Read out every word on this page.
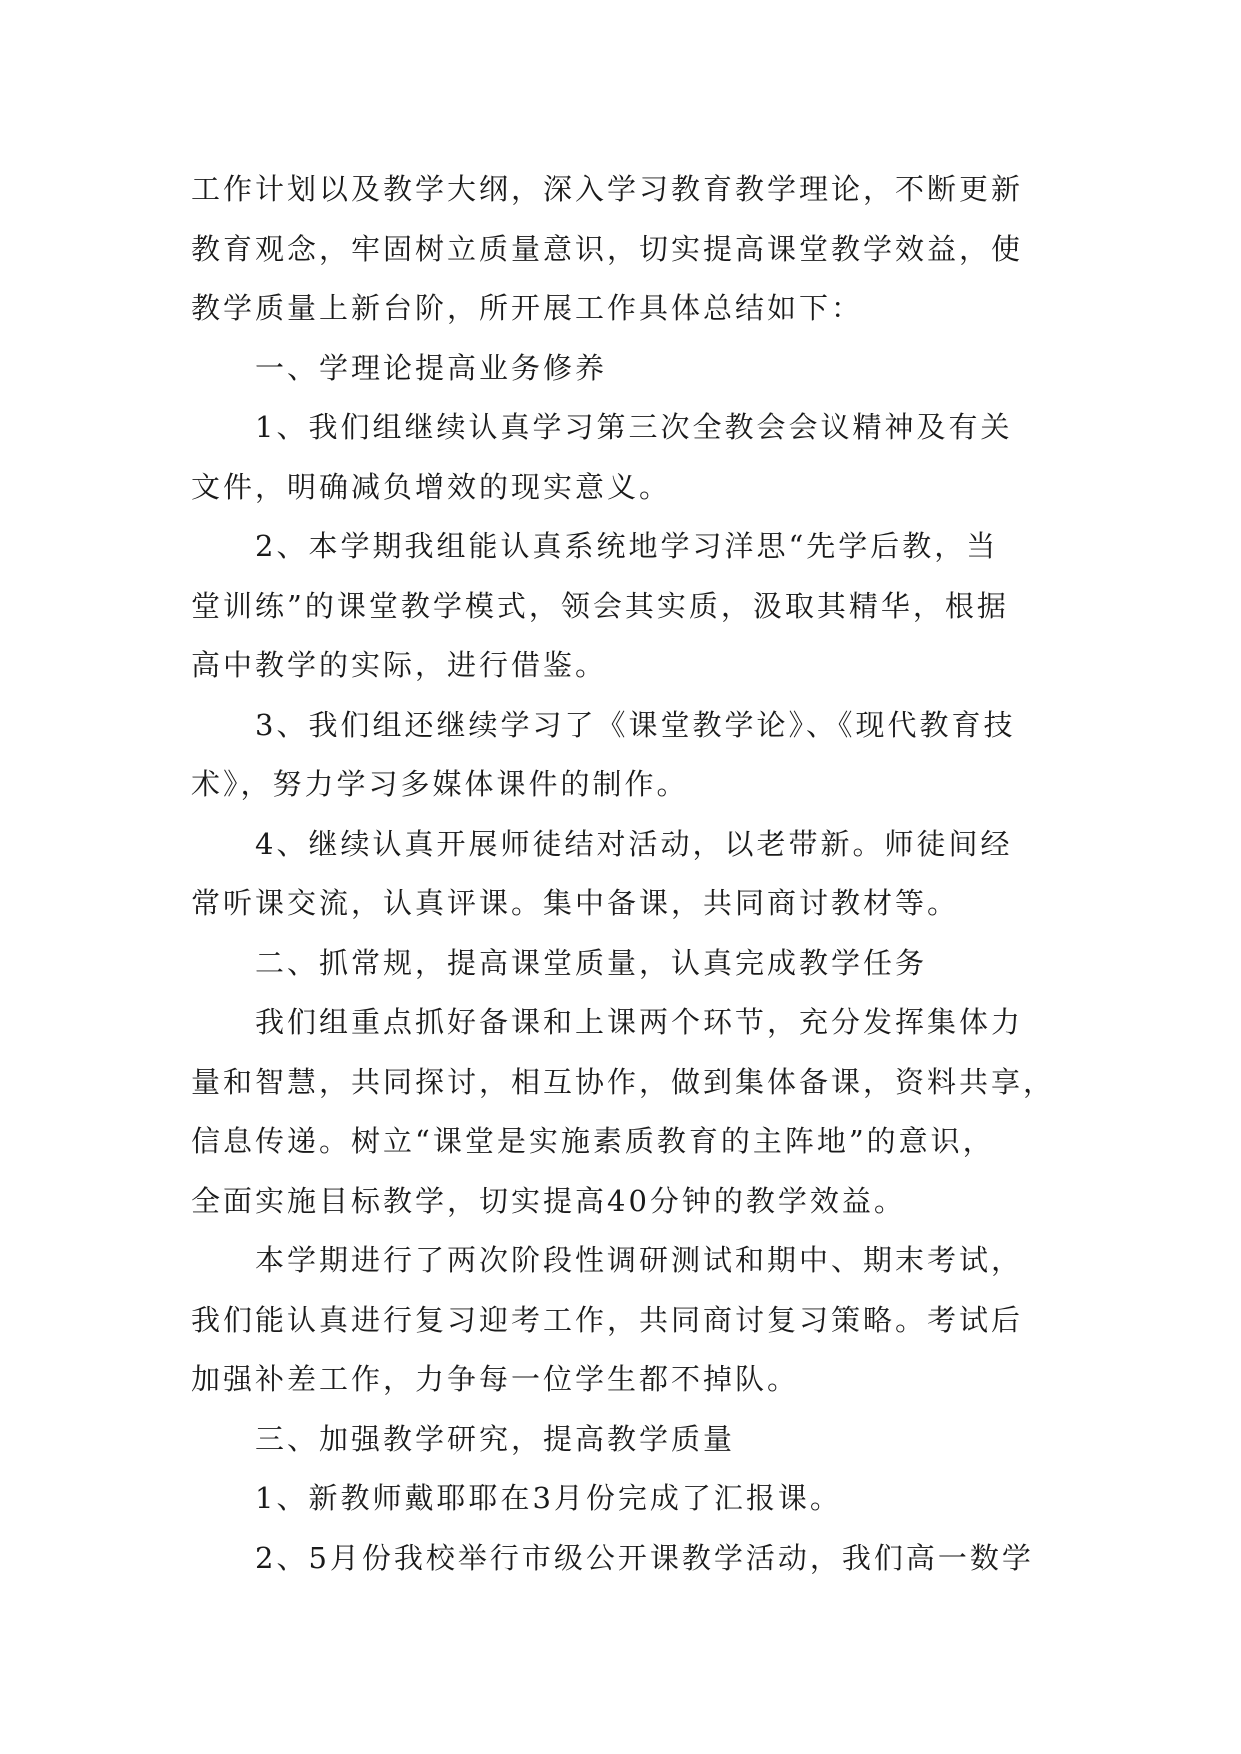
工作计划以及教学大纲，深入学习教育教学理论，不断更新
教育观念，牢固树立质量意识，切实提高课堂教学效益，使
教学质量上新台阶，所开展工作具体总结如下：
一、学理论提高业务修养
1、我们组继续认真学习第三次全教会会议精神及有关
文件，明确减负增效的现实意义。
2、本学期我组能认真系统地学习洋思“先学后教，当
堂训练”的课堂教学模式，领会其实质，汲取其精华，根据
高中教学的实际，进行借鉴。
3、我们组还继续学习了《课堂教学论》、《现代教育技
术》，努力学习多媒体课件的制作。
4、继续认真开展师徒结对活动，以老带新。师徒间经
常听课交流，认真评课。集中备课，共同商讨教材等。
二、抓常规，提高课堂质量，认真完成教学任务
我们组重点抓好备课和上课两个环节，充分发挥集体力
量和智慧，共同探讨，相互协作，做到集体备课，资料共享，
信息传递。树立“课堂是实施素质教育的主阵地”的意识，
全面实施目标教学，切实提高40分钟的教学效益。
本学期进行了两次阶段性调研测试和期中、期末考试，
我们能认真进行复习迎考工作，共同商讨复习策略。考试后
加强补差工作，力争每一位学生都不掉队。
三、加强教学研究，提高教学质量
1、新教师戴耶耶在3月份完成了汇报课。
2、5月份我校举行市级公开课教学活动，我们高一数学
